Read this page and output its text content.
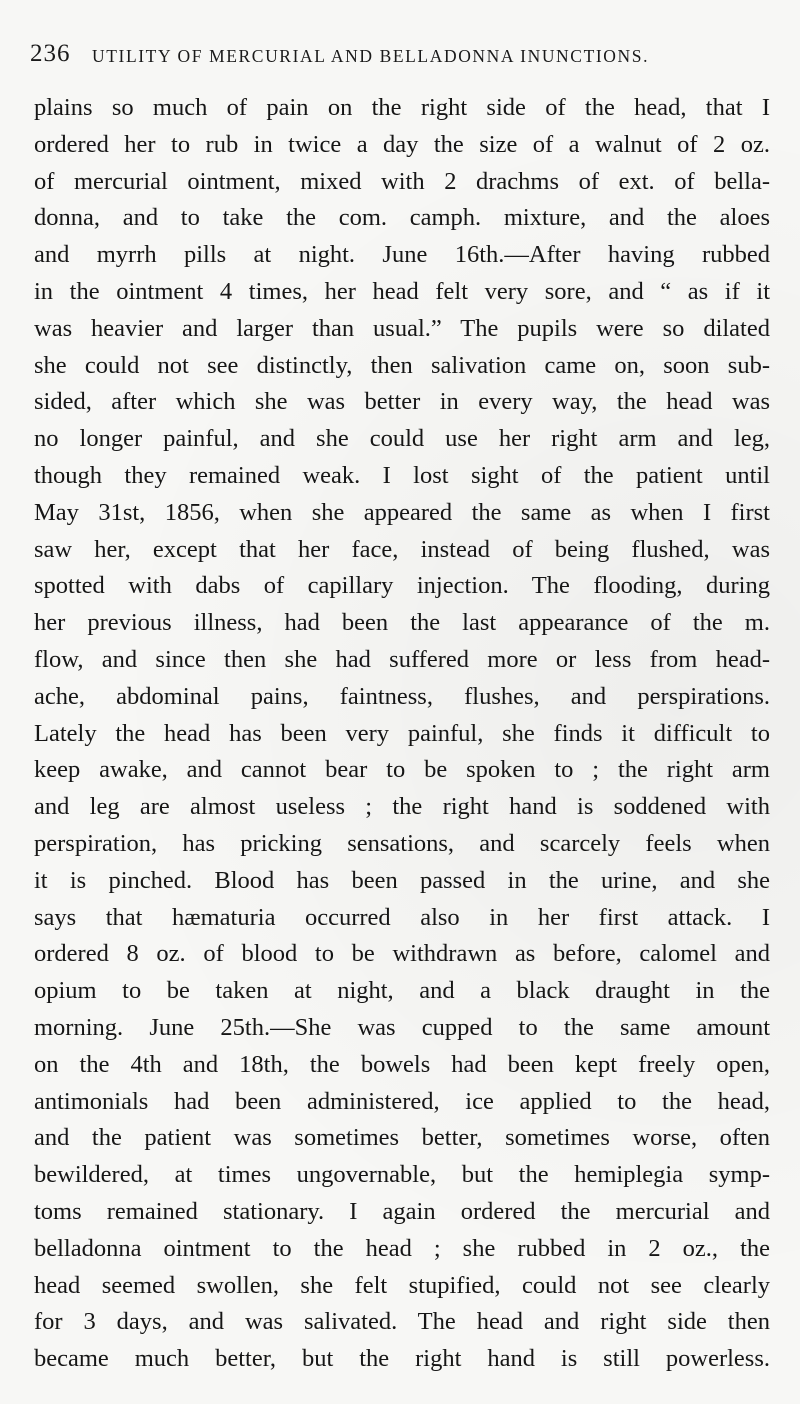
236 UTILITY OF MERCURIAL AND BELLADONNA INUNCTIONS.
plains so much of pain on the right side of the head, that I
ordered her to rub in twice a day the size of a walnut of 2 oz.
of mercurial ointment, mixed with 2 drachms of ext. of bella-
donna, and to take the com. camph. mixture, and the aloes
and myrrh pills at night. June 16th.—After having rubbed
in the ointment 4 times, her head felt very sore, and “ as if it
was heavier and larger than usual.” The pupils were so dilated
she could not see distinctly, then salivation came on, soon sub-
sided, after which she was better in every way, the head was
no longer painful, and she could use her right arm and leg,
though they remained weak. I lost sight of the patient until
May 31st, 1856, when she appeared the same as when I first
saw her, except that her face, instead of being flushed, was
spotted with dabs of capillary injection. The flooding, during
her previous illness, had been the last appearance of the m.
flow, and since then she had suffered more or less from head-
ache, abdominal pains, faintness, flushes, and perspirations.
Lately the head has been very painful, she finds it difficult to
keep awake, and cannot bear to be spoken to ; the right arm
and leg are almost useless ; the right hand is soddened with
perspiration, has pricking sensations, and scarcely feels when
it is pinched. Blood has been passed in the urine, and she
says that hæmaturia occurred also in her first attack. I
ordered 8 oz. of blood to be withdrawn as before, calomel and
opium to be taken at night, and a black draught in the
morning. June 25th.—She was cupped to the same amount
on the 4th and 18th, the bowels had been kept freely open,
antimonials had been administered, ice applied to the head,
and the patient was sometimes better, sometimes worse, often
bewildered, at times ungovernable, but the hemiplegia symp-
toms remained stationary. I again ordered the mercurial and
belladonna ointment to the head ; she rubbed in 2 oz., the
head seemed swollen, she felt stupified, could not see clearly
for 3 days, and was salivated. The head and right side then
became much better, but the right hand is still powerless.
